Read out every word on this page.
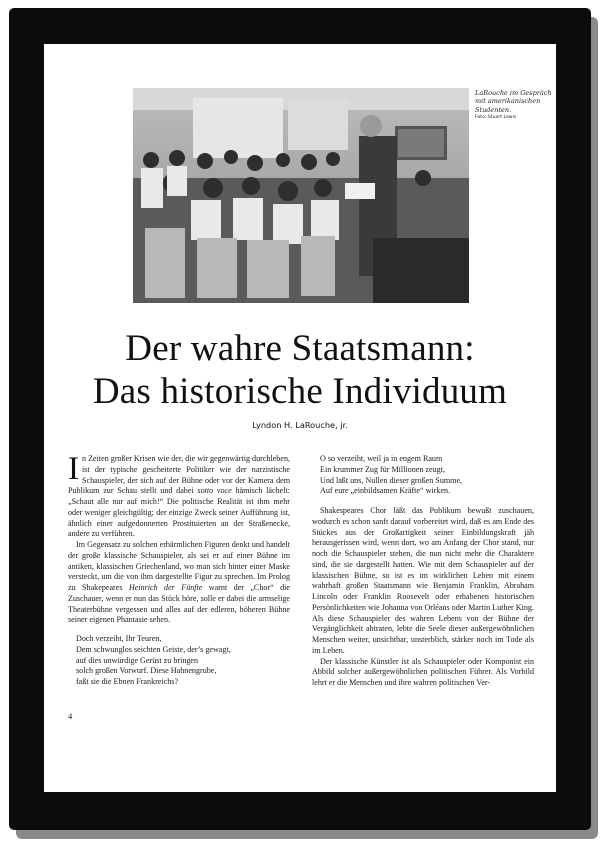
LaRouche im Gespräch mit amerikanischen Studenten.
Foto: Stuart Lewis
Der wahre Staatsmann:
Das historische Individuum
Lyndon H. LaRouche, jr.

In Zeiten großer Krisen wie der, die wir gegenwärtig durchleben, ist der typische gescheiterte Politiker wie der narzistische Schauspieler, der sich auf der Bühne oder vor der Kamera dem Publikum zur Schau stellt und dabei sotto voce hämisch lächelt: „Schaut alle nur auf mich!“ Die politische Realität ist ihm mehr oder weniger gleichgültig; der einzige Zweck seiner Aufführung ist, ähnlich einer aufgedonnerten Prostituierten an der Straßenecke, andere zu verführen.

Im Gegensatz zu solchen erbärmlichen Figuren denkt und handelt der große klassische Schauspieler, als sei er auf einer Bühne im antiken, klassischen Griechenland, wo man sich hinter einer Maske versteckt, um die von ihm dargestellte Figur zu sprechen. Im Prolog zu Shakepeares Heinrich der Fünfte warnt der „Chor“ die Zuschauer, wenn er nun das Stück höre, solle er dabei die armselige Theaterbühne vergessen und alles auf der edleren, höheren Bühne seiner eigenen Phantasie sehen.

Doch verzeiht, Ihr Teuren,
Dem schwunglos seichten Geiste, der’s gewagt,
auf dies unwürdige Gerüst zu bringen
solch großen Vorwurf. Diese Hahnengrube,
faßt sie die Ebnen Frankreichs?
O so verzeiht, weil ja in engem Raum
Ein krummer Zug für Millionen zeugt,
Und laßt uns, Nullen dieser großen Summe,
Auf eure „einbildsamen Kräfte“ wirken.

Shakespeares Chor läßt das Publikum bewußt zuschauen, wodurch es schon sanft darauf vorbereitet wird, daß es am Ende des Stückes aus der Großartigkeit seiner Einbildungskraft jäh herausgerissen wird, wenn dort, wo am Anfang der Chor stand, nur noch die Schauspieler stehen, die nun nicht mehr die Charaktere sind, die sie dargestellt hatten. Wie mit dem Schauspieler auf der klassischen Bühne, so ist es im wirklichen Leben mit einem wahrhaft großen Staatsmann wie Benjamin Franklin, Abraham Lincoln oder Franklin Roosevelt oder erhabenen historischen Persönlichkeiten wie Johanna von Orléans oder Martin Luther King. Als diese Schauspieler des wahren Lebens von der Bühne der Vergänglichkeit abtraten, lebte die Seele dieser außergewöhnlichen Menschen weiter, unsichtbar, unsterblich, stärker noch im Tode als im Leben.

Der klassische Künstler ist als Schauspieler oder Komponist ein Abbild solcher außergewöhnlichen politischen Führer. Als Vorbild lehrt er die Menschen und ihre wahren politischen Ver-

4
